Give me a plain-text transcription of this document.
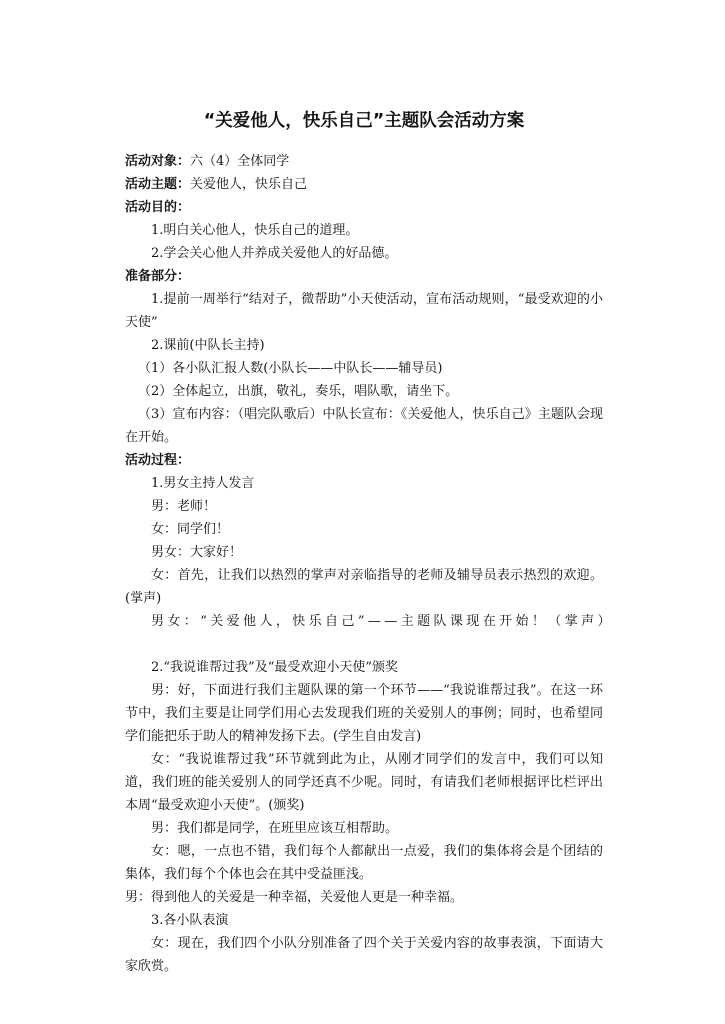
“关爱他人，快乐自己”主题队会活动方案
活动对象：六（4）全体同学
活动主题：关爱他人，快乐自己
活动目的：
1.明白关心他人，快乐自己的道理。
2.学会关心他人并养成关爱他人的好品德。
准备部分：
1.提前一周举行“结对子，微帮助”小天使活动，宣布活动规则，“最受欢迎的小天使”
2.课前(中队长主持)
（1）各小队汇报人数(小队长——中队长——辅导员)
（2）全体起立，出旗，敬礼，奏乐，唱队歌，请坐下。
（3）宣布内容：（唱完队歌后）中队长宣布：《关爱他人，快乐自己》主题队会现在开始。
活动过程：
1.男女主持人发言
男：老师！
女：同学们！
男女：大家好！
女：首先，让我们以热烈的掌声对亲临指导的老师及辅导员表示热烈的欢迎。(掌声)
男女：“关爱他人，快乐自己”——主题队课现在开始！（掌声）
2.“我说谁帮过我”及“最受欢迎小天使”颁奖
男：好，下面进行我们主题队课的第一个环节——“我说谁帮过我”。在这一环节中，我们主要是让同学们用心去发现我们班的关爱别人的事例；同时，也希望同学们能把乐于助人的精神发扬下去。(学生自由发言)
女：“我说谁帮过我”环节就到此为止，从刚才同学们的发言中，我们可以知道，我们班的能关爱别人的同学还真不少呢。同时，有请我们老师根据评比栏评出本周“最受欢迎小天使”。(颁奖)
男：我们都是同学，在班里应该互相帮助。
女：嗯，一点也不错，我们每个人都献出一点爱，我们的集体将会是个团结的集体，我们每个个体也会在其中受益匪浅。
男：得到他人的关爱是一种幸福，关爱他人更是一种幸福。
3.各小队表演
女：现在，我们四个小队分别准备了四个关于关爱内容的故事表演，下面请大家欣赏。
